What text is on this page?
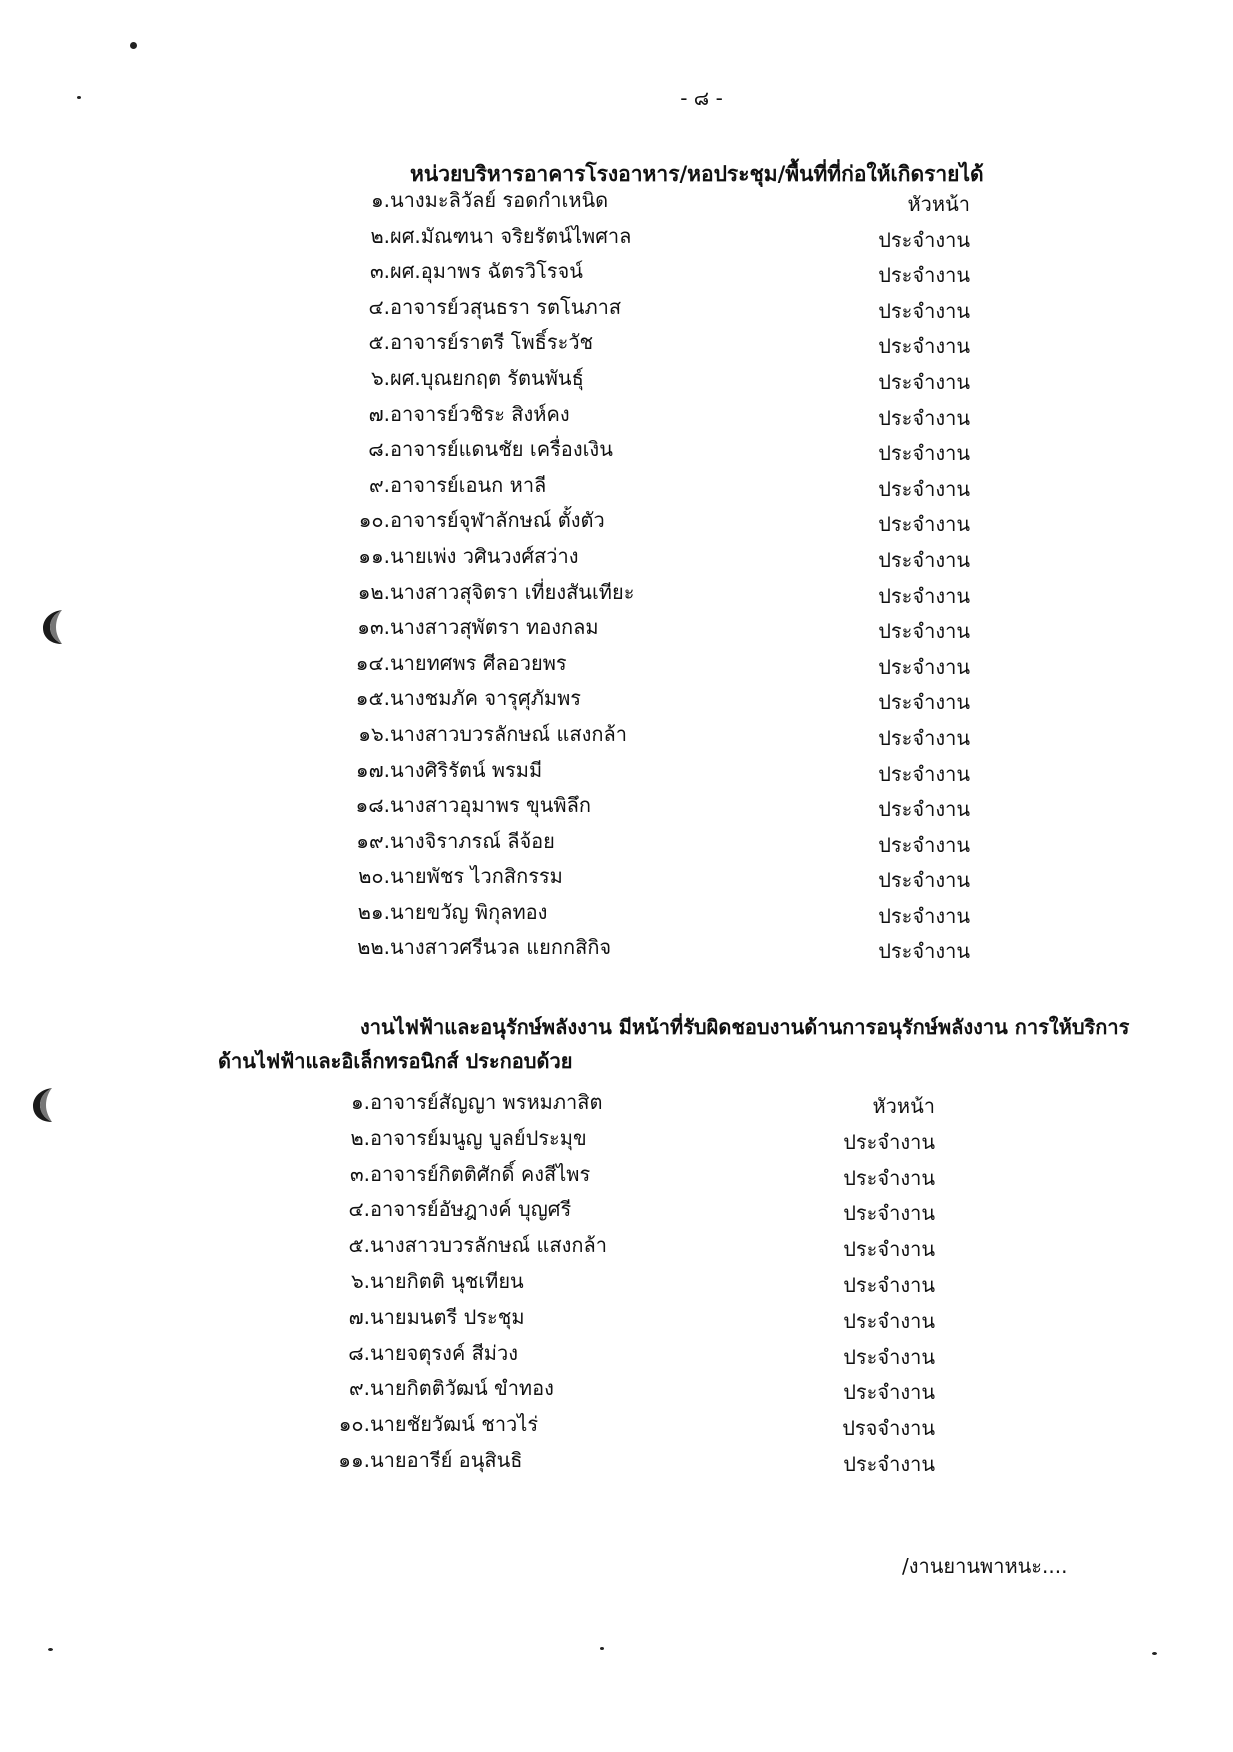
- ๘ -
หน่วยบริหารอาคารโรงอาหาร/หอประชุม/พื้นที่ที่ก่อให้เกิดรายได้
๑. นางมะลิวัลย์ รอดกำเหนิด	หัวหน้า
๒. ผศ.มัณฑนา จริยรัตน์ไพศาล	ประจำงาน
๓. ผศ.อุมาพร ฉัตรวิโรจน์	ประจำงาน
๔. อาจารย์วสุนธรา รตโนภาส	ประจำงาน
๕. อาจารย์ราตรี โพธิ์ระวัช	ประจำงาน
๖. ผศ.บุณยกฤต รัตนพันธุ์	ประจำงาน
๗. อาจารย์วชิระ สิงห์คง	ประจำงาน
๘. อาจารย์แดนชัย เครื่องเงิน	ประจำงาน
๙. อาจารย์เอนก หาลี	ประจำงาน
๑๐. อาจารย์จุฬาลักษณ์ ตั้งตัว	ประจำงาน
๑๑. นายเพ่ง วศินวงศ์สว่าง	ประจำงาน
๑๒. นางสาวสุจิตรา เที่ยงสันเทียะ	ประจำงาน
๑๓. นางสาวสุพัตรา ทองกลม	ประจำงาน
๑๔. นายทศพร ศีลอวยพร	ประจำงาน
๑๕. นางชมภัค จารุศุภัมพร	ประจำงาน
๑๖. นางสาวบวรลักษณ์ แสงกล้า	ประจำงาน
๑๗. นางศิริรัตน์ พรมมี	ประจำงาน
๑๘. นางสาวอุมาพร ขุนพิลึก	ประจำงาน
๑๙. นางจิราภรณ์ ลีจ้อย	ประจำงาน
๒๐. นายพัชร ไวกสิกรรม	ประจำงาน
๒๑. นายขวัญ พิกุลทอง	ประจำงาน
๒๒. นางสาวศรีนวล แยกกสิกิจ	ประจำงาน
งานไฟฟ้าและอนุรักษ์พลังงาน มีหน้าที่รับผิดชอบงานด้านการอนุรักษ์พลังงาน การให้บริการ
ด้านไฟฟ้าและอิเล็กทรอนิกส์ ประกอบด้วย
๑. อาจารย์สัญญา พรหมภาสิต	หัวหน้า
๒. อาจารย์มนูญ บูลย์ประมุข	ประจำงาน
๓. อาจารย์กิตติศักดิ์ คงสีไพร	ประจำงาน
๔. อาจารย์อัษฎางค์ บุญศรี	ประจำงาน
๕. นางสาวบวรลักษณ์ แสงกล้า	ประจำงาน
๖. นายกิตติ นุชเทียน	ประจำงาน
๗. นายมนตรี ประชุม	ประจำงาน
๘. นายจตุรงค์ สีม่วง	ประจำงาน
๙. นายกิตติวัฒน์ ขำทอง	ประจำงาน
๑๐. นายชัยวัฒน์ ชาวไร่	ปรจจำงาน
๑๑. นายอารีย์ อนุสินธิ	ประจำงาน
/งานยานพาหนะ....
